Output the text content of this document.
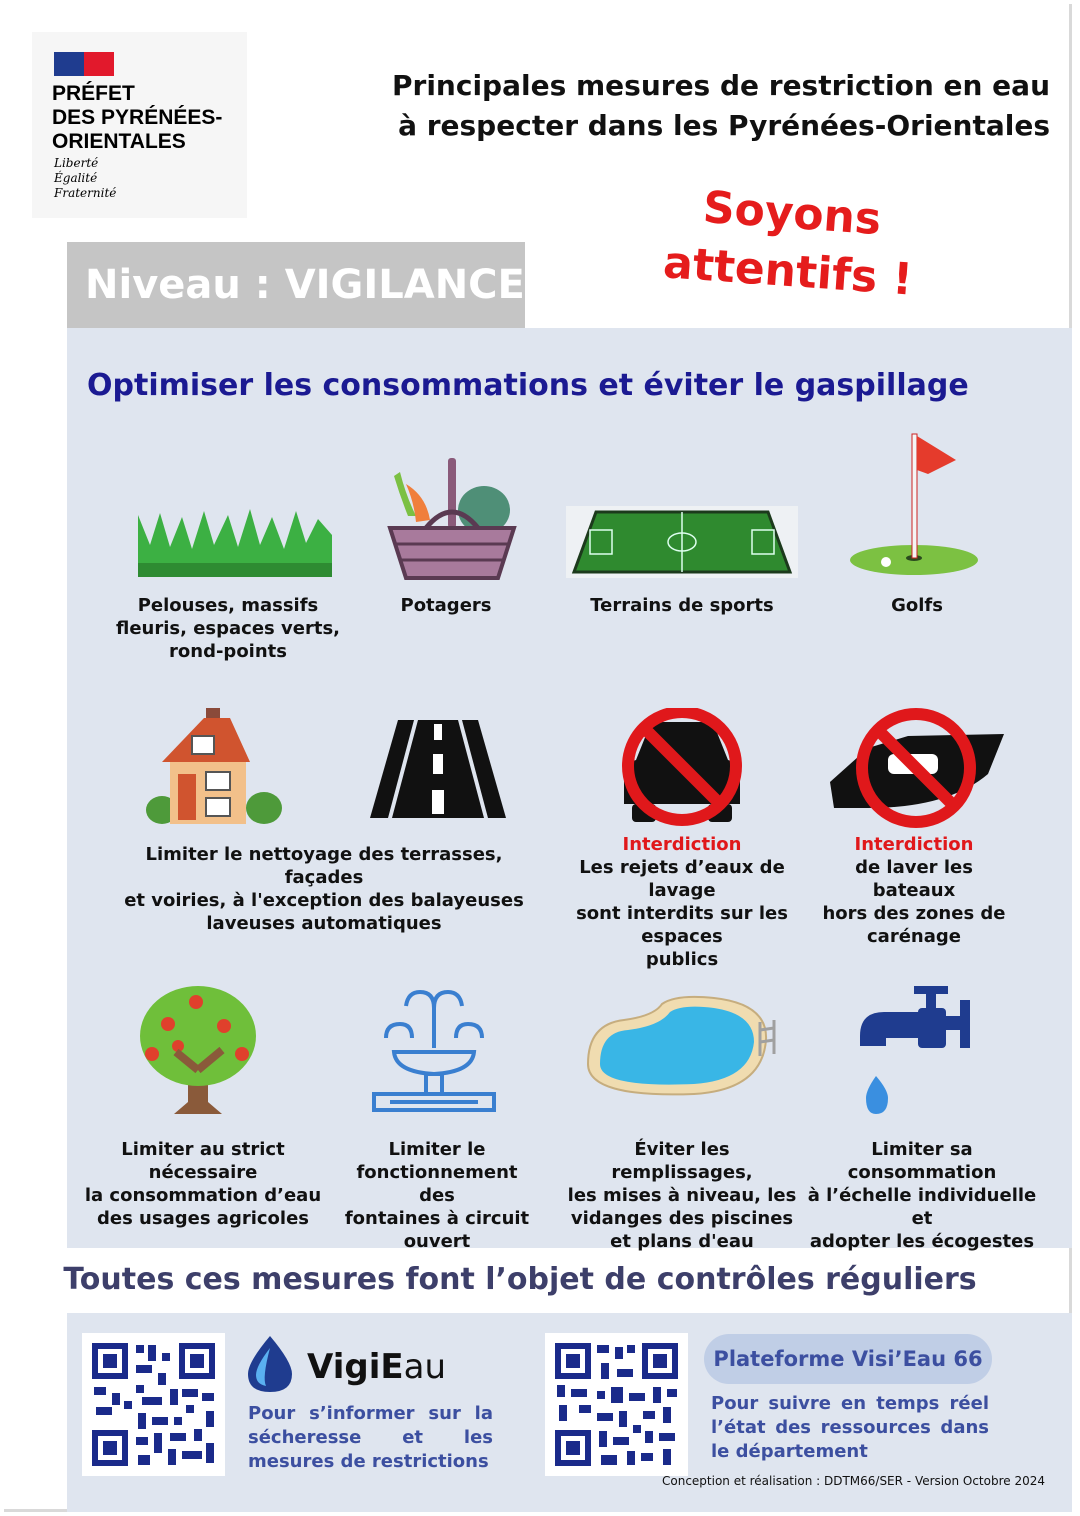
PRÉFET
DES PYRÉNÉES-
ORIENTALES
Liberté
Égalité
Fraternité
Principales mesures de restriction en eau
à respecter dans les Pyrénées-Orientales
Soyons
attentifs !
Niveau : VIGILANCE
Optimiser les consommations et éviter le gaspillage
Pelouses, massifs
fleuris, espaces verts,
rond-points
Potagers	Terrains de sports	Golfs
Limiter le nettoyage des terrasses, façades
et voiries, à l'exception des balayeuses
laveuses automatiques
Interdiction
Les rejets d’eaux de lavage
sont interdits sur les espaces
publics
Interdiction
de laver les bateaux
hors des zones de
carénage
Limiter au strict nécessaire
la consommation d’eau
des usages agricoles
Limiter le
fonctionnement des
fontaines à circuit
ouvert
Éviter les remplissages,
les mises à niveau, les
vidanges des piscines
et plans d'eau
Limiter sa consommation
à l’échelle individuelle et
adopter les écogestes
Toutes ces mesures font l’objet de contrôles réguliers
VigiEau
Pour s’informer sur la sécheresse et les mesures de restrictions
Plateforme Visi’Eau 66
Pour suivre en temps réel l’état des ressources dans le département
Conception et réalisation : DDTM66/SER - Version Octobre 2024
